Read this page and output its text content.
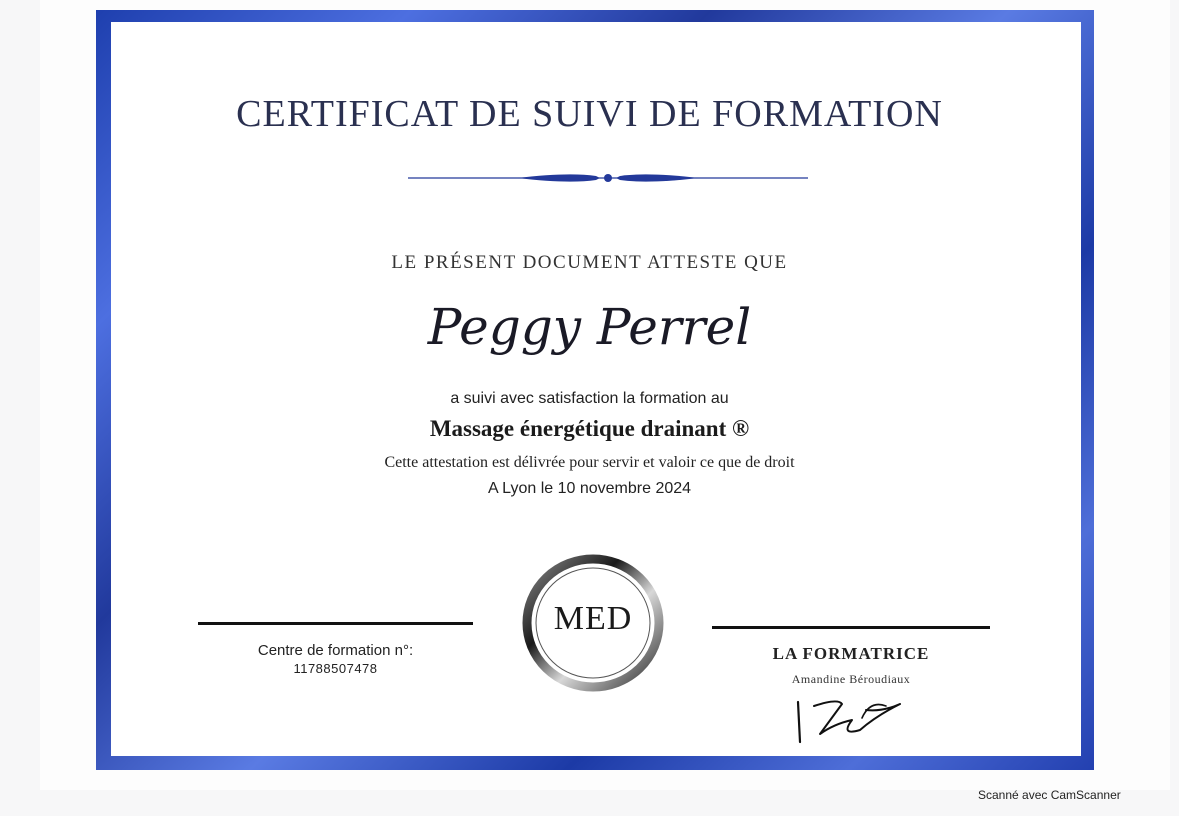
CERTIFICAT DE SUIVI DE FORMATION
LE PRÉSENT DOCUMENT ATTESTE QUE
Peggy Perrel
a suivi avec satisfaction la formation au
Massage énergétique drainant ®
Cette attestation est délivrée pour servir et valoir ce que de droit
A Lyon le 10 novembre 2024
Centre de formation n°:
11788507478
MED
LA FORMATRICE
Amandine Béroudiaux
Scanné avec CamScanner
